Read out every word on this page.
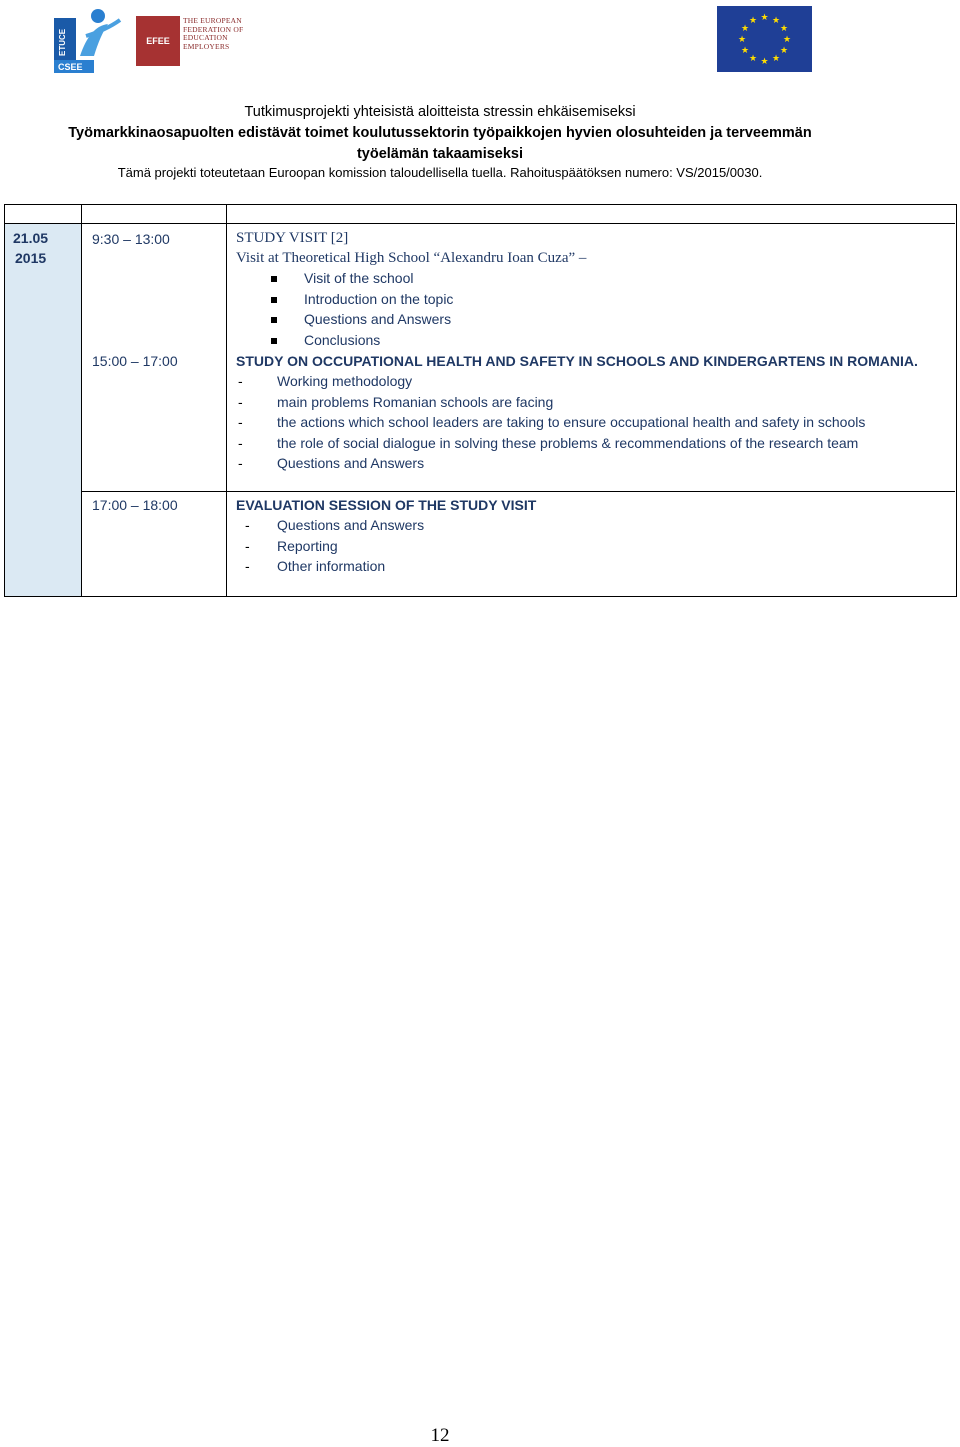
ETUCE
CSEE
EFEE
THE EUROPEAN
FEDERATION OF
EDUCATION
EMPLOYERS
★ ★
★
★
★
★
★
★
★
★
★
★
Tutkimusprojekti yhteisistä aloitteista stressin ehkäisemiseksi
Työmarkkinaosapuolten edistävät toimet koulutussektorin työpaikkojen hyvien olosuhteiden ja terveemmän
työelämän takaamiseksi
Tämä projekti toteutetaan Euroopan komission taloudellisella tuella. Rahoituspäätöksen numero: VS/2015/0030.
21.05
2015
9:30 – 13:00	STUDY VISIT [2]
Visit at Theoretical High School “Alexandru Ioan Cuza” –
Visit of the school
Introduction on the topic
Questions and Answers
Conclusions
15:00 – 17:00	STUDY ON OCCUPATIONAL HEALTH AND SAFETY IN SCHOOLS AND KINDERGARTENS IN ROMANIA.
- Working methodology
- main problems Romanian schools are facing
- the actions which school leaders are taking to ensure occupational health and safety in schools
- the role of social dialogue in solving these problems & recommendations of the research team
- Questions and Answers
17:00 – 18:00	EVALUATION SESSION OF THE STUDY VISIT
- Questions and Answers
- Reporting
- Other information
12
